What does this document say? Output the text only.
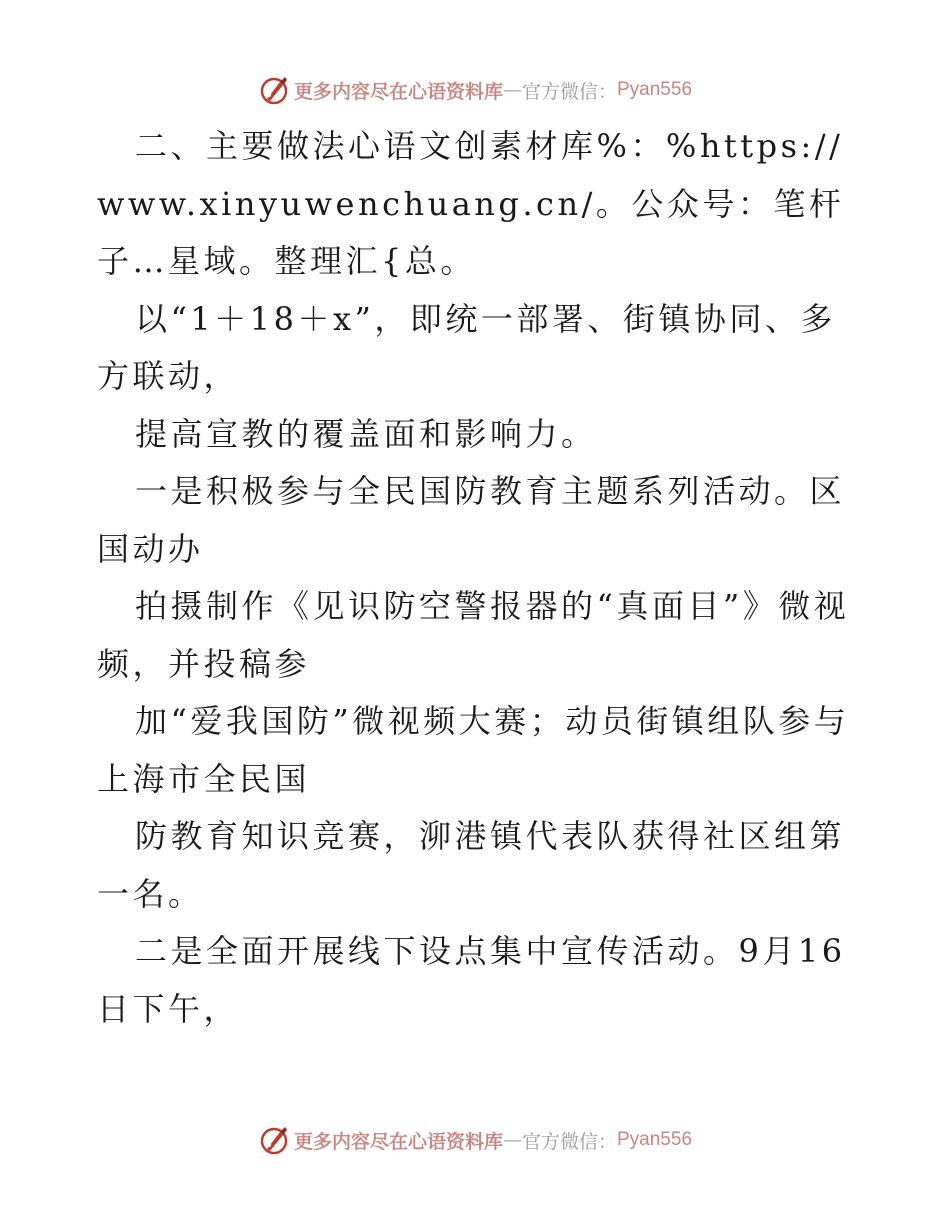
更多内容尽在心语资料库 — 官方微信： Pyan556

二、主要做法心语文创素材库%：%https://www.xinyuwenchuang.cn/。公众号：笔杆子…星域。整理汇{总。

以“1＋18＋x”，即统一部署、街镇协同、多方联动，

提高宣教的覆盖面和影响力。

一是积极参与全民国防教育主题系列活动。区国动办

拍摄制作《见识防空警报器的“真面目”》微视频，并投稿参

加“爱我国防”微视频大赛；动员街镇组队参与上海市全民国

防教育知识竞赛，泖港镇代表队获得社区组第一名。

二是全面开展线下设点集中宣传活动。9月16日下午，

更多内容尽在心语资料库 — 官方微信： Pyan556
